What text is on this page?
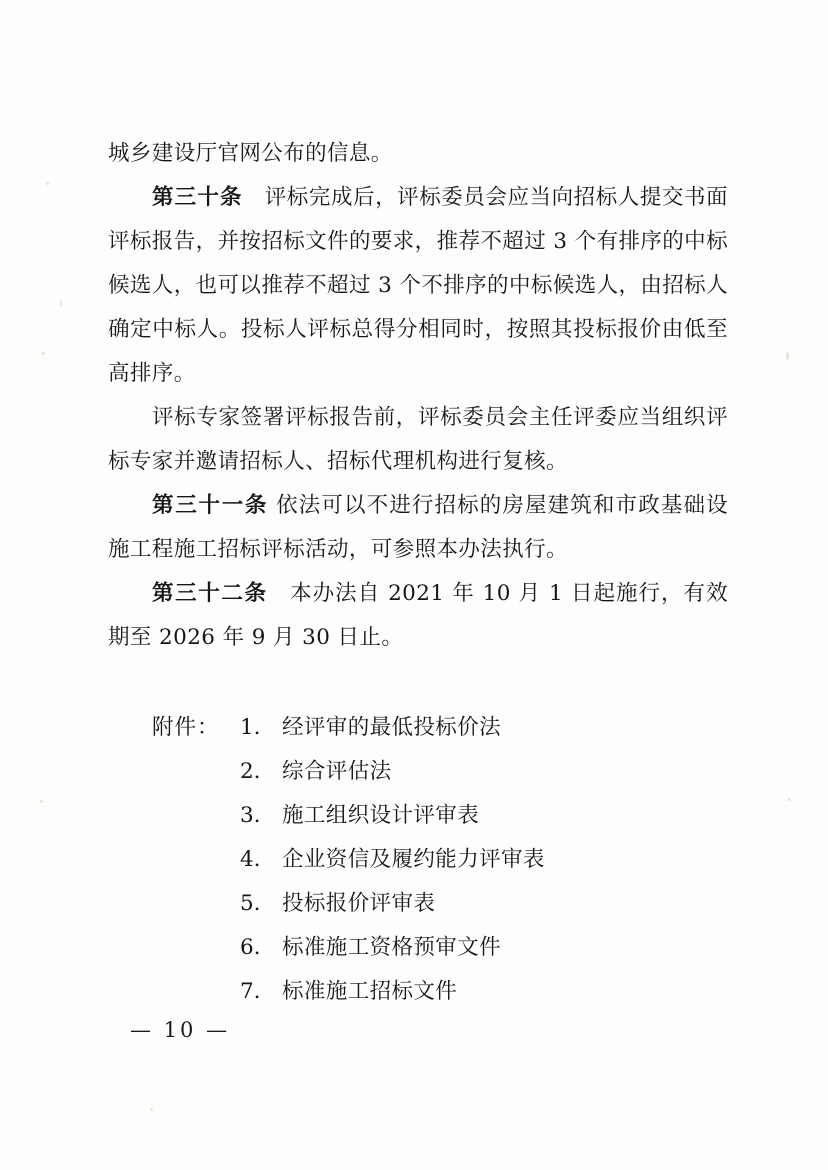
城乡建设厅官网公布的信息。

第三十条　评标完成后，评标委员会应当向招标人提交书面评标报告，并按招标文件的要求，推荐不超过 3 个有排序的中标候选人，也可以推荐不超过 3 个不排序的中标候选人，由招标人确定中标人。投标人评标总得分相同时，按照其投标报价由低至高排序。

评标专家签署评标报告前，评标委员会主任评委应当组织评标专家并邀请招标人、招标代理机构进行复核。

第三十一条 依法可以不进行招标的房屋建筑和市政基础设施工程施工招标评标活动，可参照本办法执行。

第三十二条　本办法自 2021 年 10 月 1 日起施行，有效期至 2026 年 9 月 30 日止。

附件： 1. 经评审的最低投标价法
2. 综合评估法
3. 施工组织设计评审表
4. 企业资信及履约能力评审表
5. 投标报价评审表
6. 标准施工资格预审文件
7. 标准施工招标文件
— 10 —
